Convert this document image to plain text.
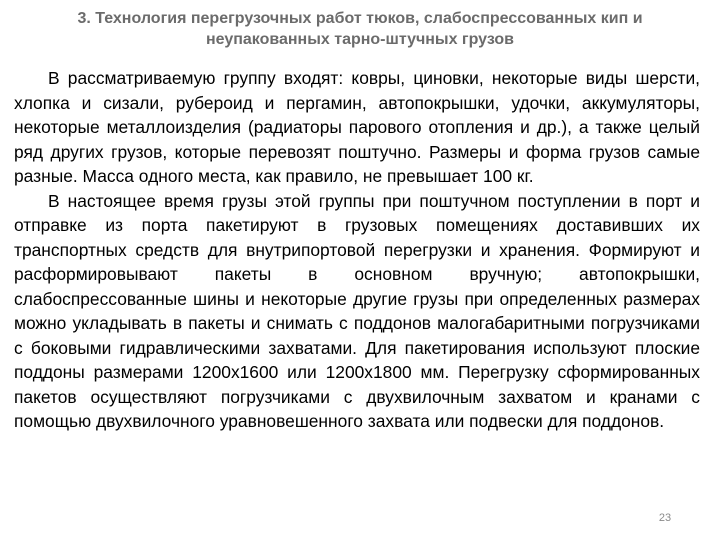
3. Технология перегрузочных работ тюков, слабоспрессованных кип и
неупакованных тарно-штучных грузов

В рассматриваемую группу входят: ковры, циновки, некоторые виды шерсти, хлопка и сизали, рубероид и пергамин, автопокрышки, удочки, аккумуляторы, некоторые металлоизделия (радиаторы парового отопления и др.), а также целый ряд других грузов, которые перевозят поштучно. Размеры и форма грузов самые разные. Масса одного места, как правило, не превышает 100 кг.

В настоящее время грузы этой группы при поштучном поступлении в порт и отправке из порта пакетируют в грузовых помещениях доставивших их транспортных средств для внутрипортовой перегрузки и хранения. Формируют и расформировывают пакеты в основном вручную; автопокрышки, слабоспрессованные шины и некоторые другие грузы при определенных размерах можно укладывать в пакеты и снимать с поддонов малогабаритными погрузчиками с боковыми гидравлическими захватами. Для пакетирования используют плоские поддоны размерами 1200х1600 или 1200х1800 мм. Перегрузку сформированных пакетов осуществляют погрузчиками с двухвилочным захватом и кранами с помощью двухвилочного уравновешенного захвата или подвески для поддонов.

23
